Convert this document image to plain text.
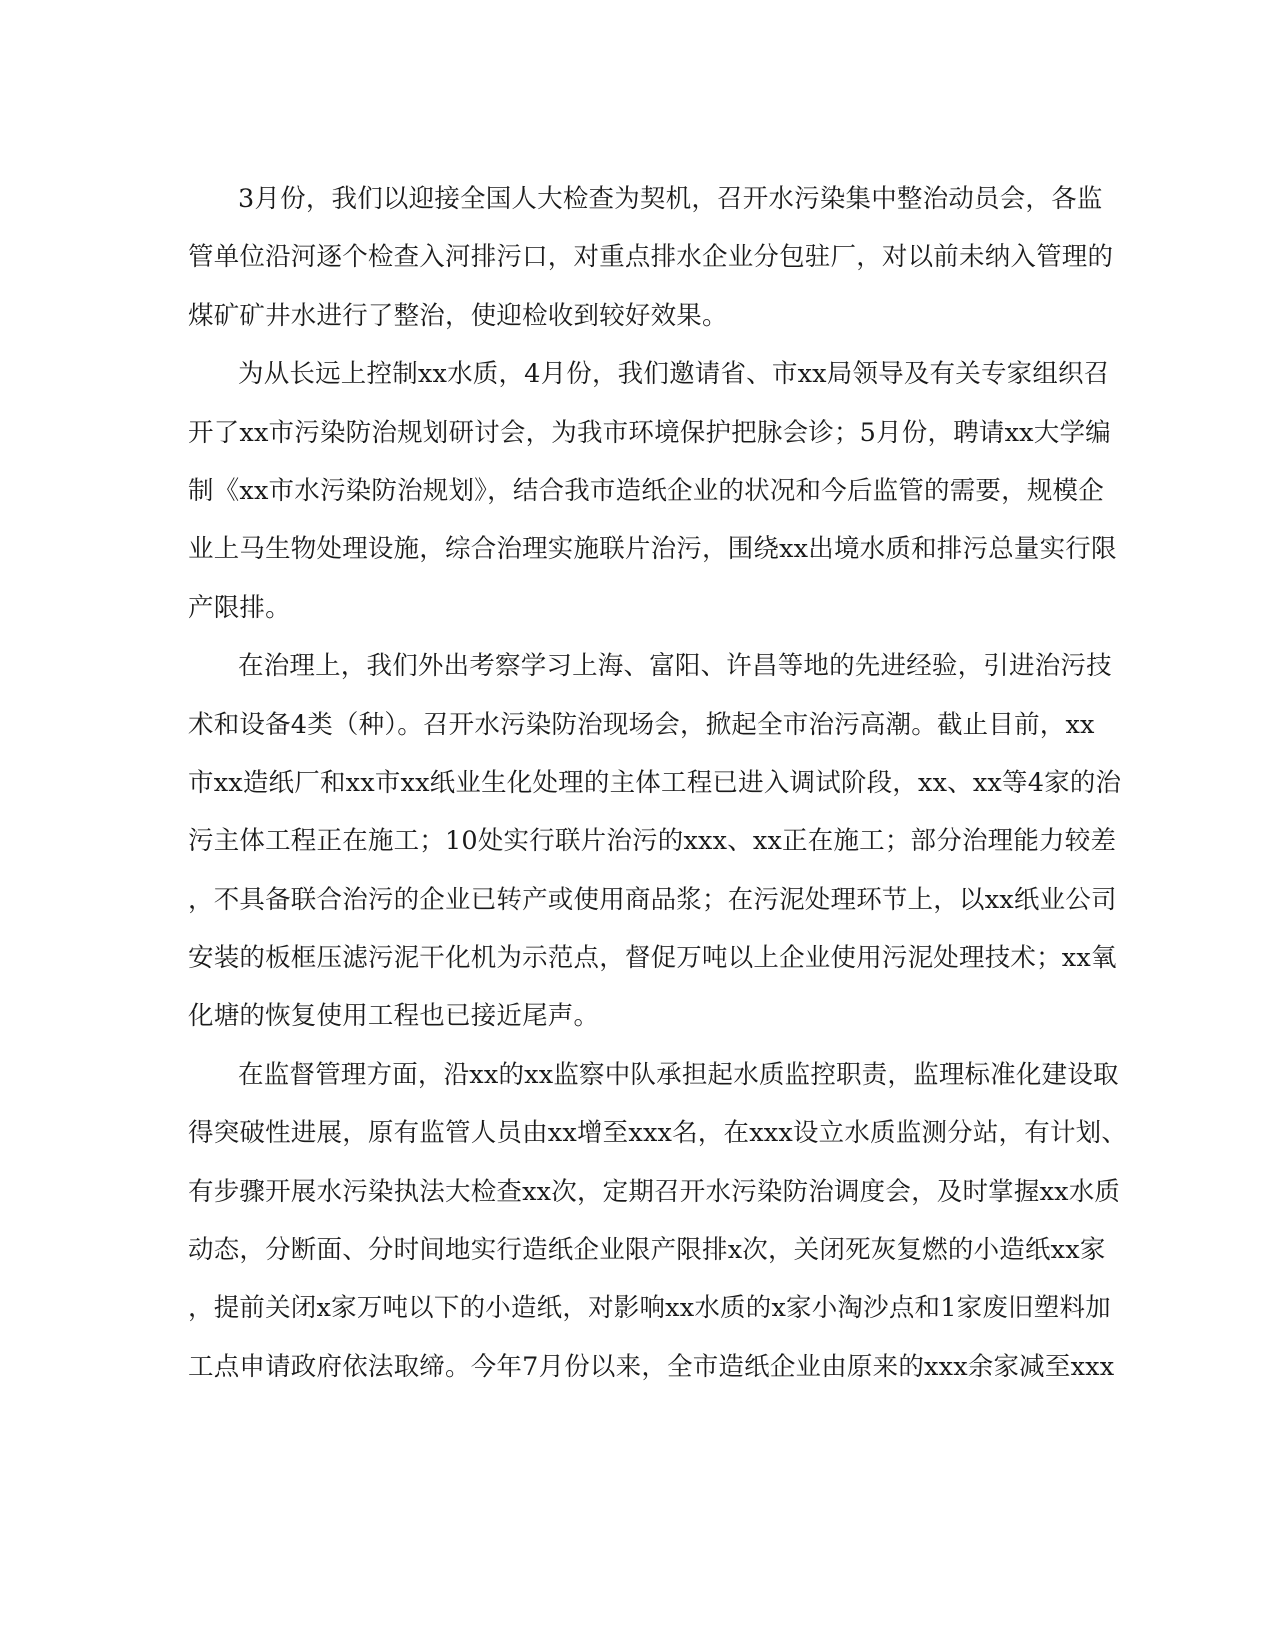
3月份，我们以迎接全国人大检查为契机，召开水污染集中整治动员会，各监
管单位沿河逐个检查入河排污口，对重点排水企业分包驻厂，对以前未纳入管理的
煤矿矿井水进行了整治，使迎检收到较好效果。
为从长远上控制xx水质，4月份，我们邀请省、市xx局领导及有关专家组织召
开了xx市污染防治规划研讨会，为我市环境保护把脉会诊；5月份，聘请xx大学编
制《xx市水污染防治规划》，结合我市造纸企业的状况和今后监管的需要，规模企
业上马生物处理设施，综合治理实施联片治污，围绕xx出境水质和排污总量实行限
产限排。
在治理上，我们外出考察学习上海、富阳、许昌等地的先进经验，引进治污技
术和设备4类（种）。召开水污染防治现场会，掀起全市治污高潮。截止目前，xx
市xx造纸厂和xx市xx纸业生化处理的主体工程已进入调试阶段，xx、xx等4家的治
污主体工程正在施工；10处实行联片治污的xxx、xx正在施工；部分治理能力较差
，不具备联合治污的企业已转产或使用商品浆；在污泥处理环节上，以xx纸业公司
安装的板框压滤污泥干化机为示范点，督促万吨以上企业使用污泥处理技术；xx氧
化塘的恢复使用工程也已接近尾声。
在监督管理方面，沿xx的xx监察中队承担起水质监控职责，监理标准化建设取
得突破性进展，原有监管人员由xx增至xxx名，在xxx设立水质监测分站，有计划、
有步骤开展水污染执法大检查xx次，定期召开水污染防治调度会，及时掌握xx水质
动态，分断面、分时间地实行造纸企业限产限排x次，关闭死灰复燃的小造纸xx家
，提前关闭x家万吨以下的小造纸，对影响xx水质的x家小淘沙点和1家废旧塑料加
工点申请政府依法取缔。今年7月份以来，全市造纸企业由原来的xxx余家减至xxx
